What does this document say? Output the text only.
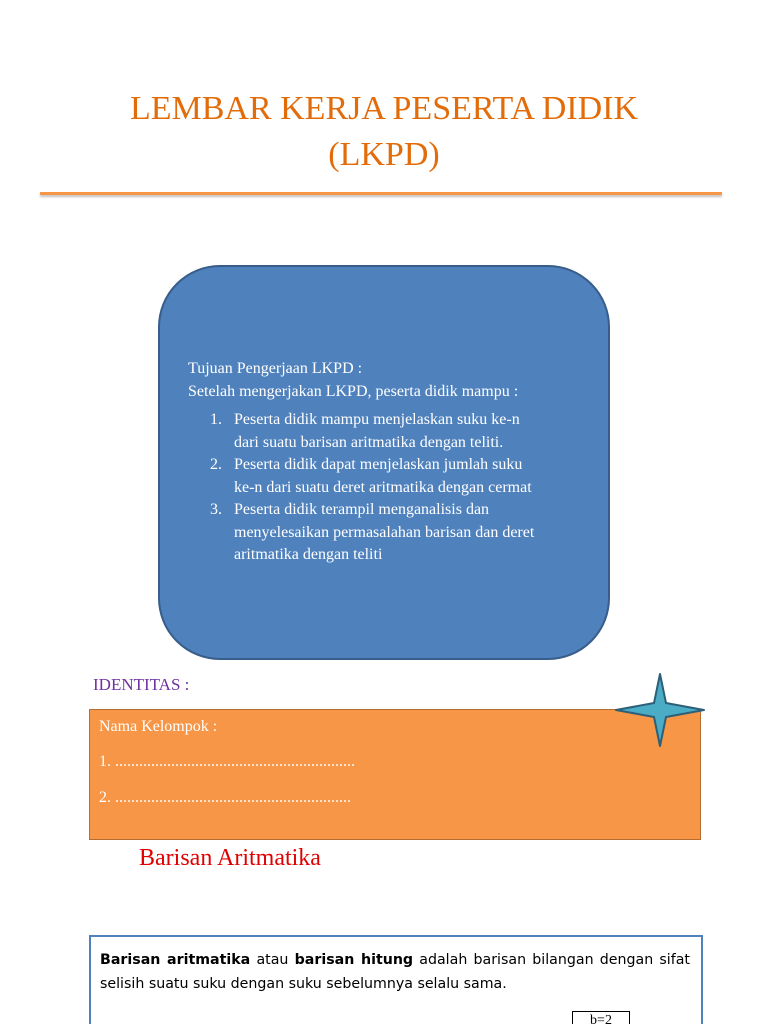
LEMBAR KERJA PESERTA DIDIK
(LKPD)

Tujuan Pengerjaan LKPD :

Setelah mengerjakan LKPD, peserta didik mampu :

1. Peserta didik mampu menjelaskan suku ke-n
dari suatu barisan aritmatika dengan teliti.
2. Peserta didik dapat menjelaskan jumlah suku
ke-n dari suatu deret aritmatika dengan cermat
3. Peserta didik terampil menganalisis dan
menyelesaikan permasalahan barisan dan deret
aritmatika dengan teliti
IDENTITAS :
Nama Kelompok :
1. ............................................................
2. ...........................................................
Barisan Aritmatika
Barisan aritmatika atau barisan hitung adalah barisan bilangan dengan sifat selisih suatu suku dengan suku sebelumnya selalu sama.
b=2
